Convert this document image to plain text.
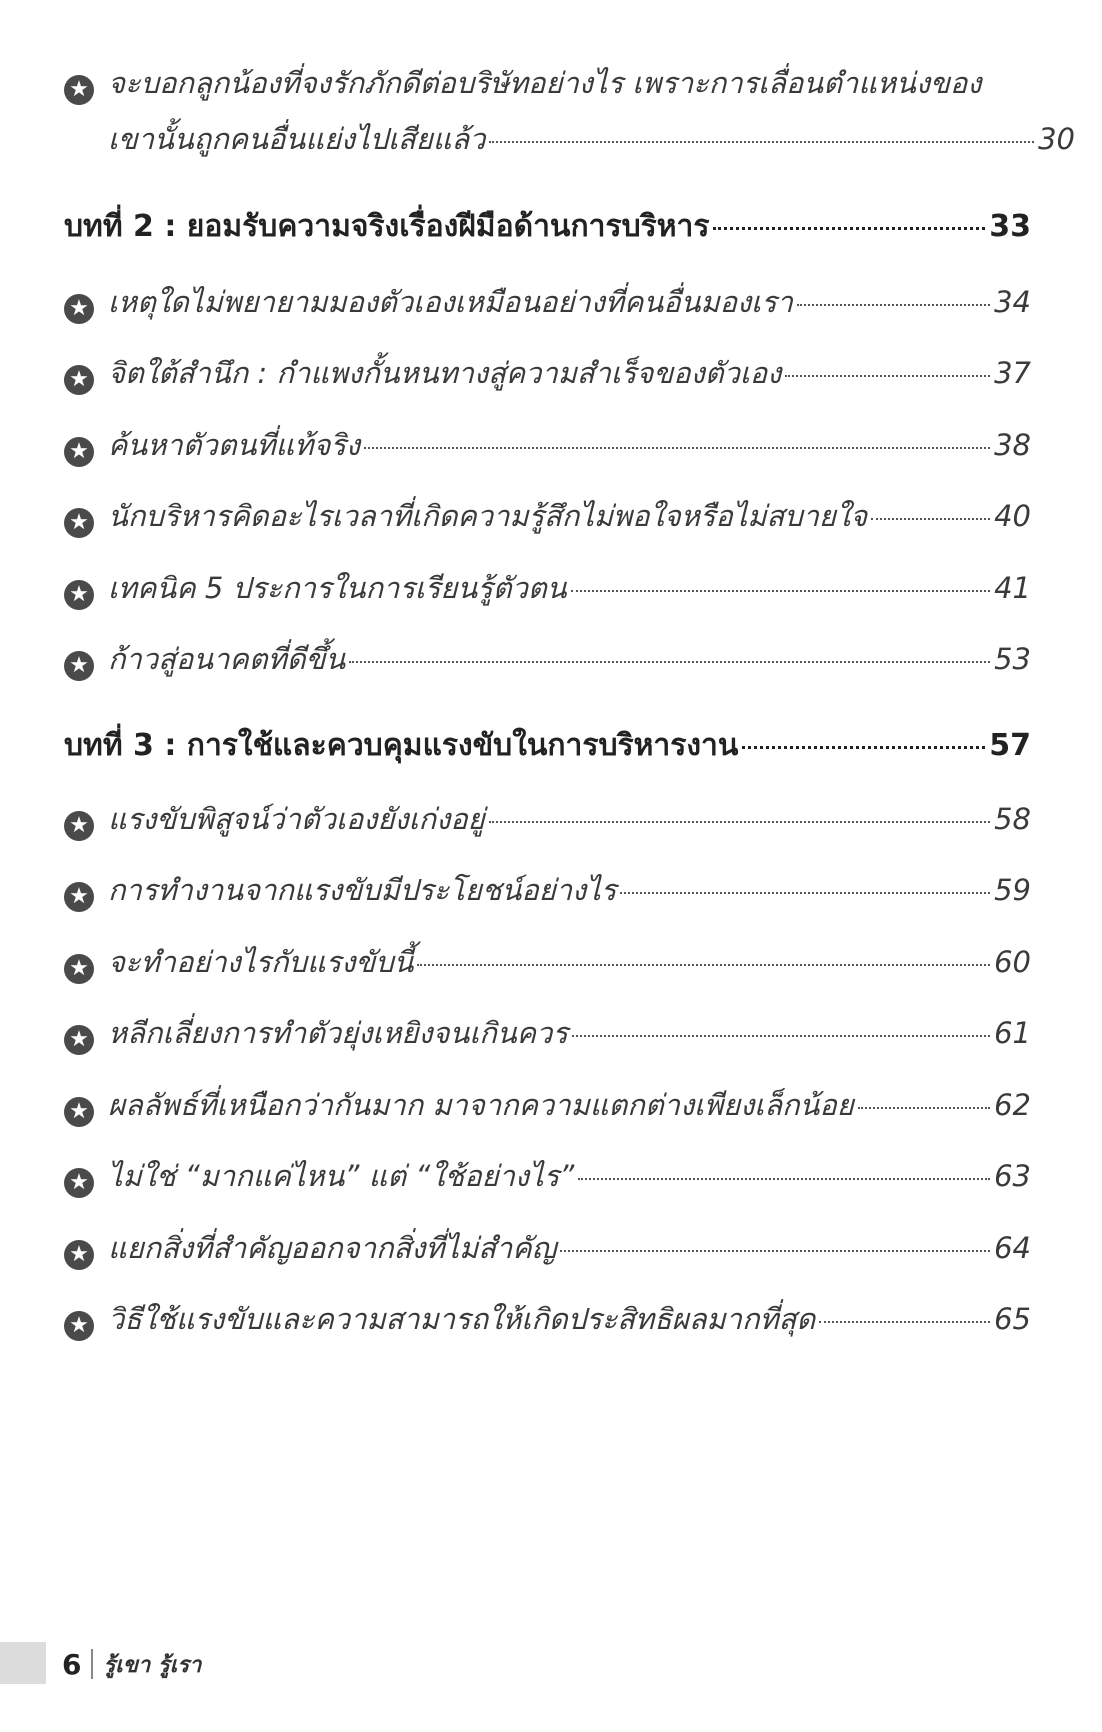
★ จะบอกลูกน้องที่จงรักภักดีต่อบริษัทอย่างไร เพราะการเลื่อนตำแหน่งของ
เขานั้นถูกคนอื่นแย่งไปเสียแล้ว	30
บทที่ 2 : ยอมรับความจริงเรื่องฝีมือด้านการบริหาร	33
★ เหตุใดไม่พยายามมองตัวเองเหมือนอย่างที่คนอื่นมองเรา	34
★ จิตใต้สำนึก : กำแพงกั้นหนทางสู่ความสำเร็จของตัวเอง	37
★ ค้นหาตัวตนที่แท้จริง	38
★ นักบริหารคิดอะไรเวลาที่เกิดความรู้สึกไม่พอใจหรือไม่สบายใจ	40
★ เทคนิค 5 ประการในการเรียนรู้ตัวตน	41
★ ก้าวสู่อนาคตที่ดีขึ้น	53
บทที่ 3 : การใช้และควบคุมแรงขับในการบริหารงาน	57
★ แรงขับพิสูจน์ว่าตัวเองยังเก่งอยู่	58
★ การทำงานจากแรงขับมีประโยชน์อย่างไร	59
★ จะทำอย่างไรกับแรงขับนี้	60
★ หลีกเลี่ยงการทำตัวยุ่งเหยิงจนเกินควร	61
★ ผลลัพธ์ที่เหนือกว่ากันมาก มาจากความแตกต่างเพียงเล็กน้อย	62
★ ไม่ใช่ “มากแค่ไหน” แต่ “ใช้อย่างไร”	63
★ แยกสิ่งที่สำคัญออกจากสิ่งที่ไม่สำคัญ	64
★ วิธีใช้แรงขับและความสามารถให้เกิดประสิทธิผลมากที่สุด	65
6 รู้เขา รู้เรา
